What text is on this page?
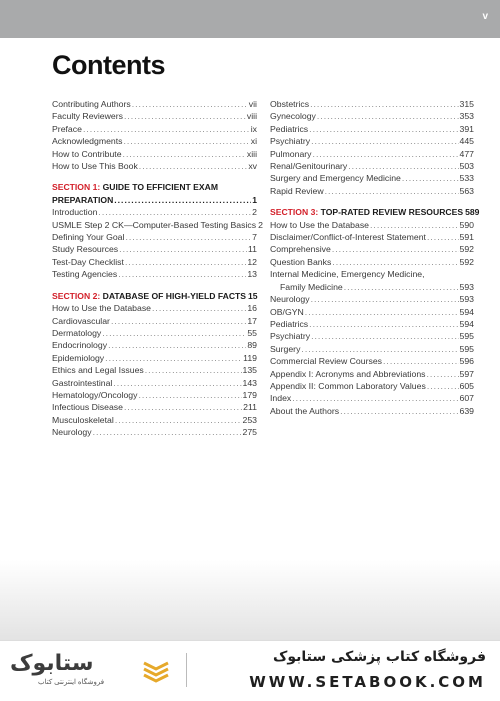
v
Contents
Contributing Authors .....	vii
Faculty Reviewers .....	viii
Preface .....	ix
Acknowledgments .....	xi
How to Contribute .....	xiii
How to Use This Book .....	xv
SECTION 1: GUIDE TO EFFICIENT EXAM
PREPARATION .....	1
Introduction .....	2
USMLE Step 2 CK—Computer-Based Testing Basics 2
Defining Your Goal .....	7
Study Resources .....	11
Test-Day Checklist .....	12
Testing Agencies .....	13
SECTION 2: DATABASE OF HIGH-YIELD FACTS 15
How to Use the Database .....	16
Cardiovascular .....	17
Dermatology .....	55
Endocrinology .....	89
Epidemiology .....	119
Ethics and Legal Issues .....	135
Gastrointestinal .....	143
Hematology/Oncology .....	179
Infectious Disease .....	211
Musculoskeletal .....	253
Neurology .....	275
Obstetrics .....	315
Gynecology .....	353
Pediatrics .....	391
Psychiatry .....	445
Pulmonary .....	477
Renal/Genitourinary .....	503
Surgery and Emergency Medicine .....	533
Rapid Review .....	563
SECTION 3: TOP-RATED REVIEW RESOURCES 589
How to Use the Database .....	590
Disclaimer/Conflict-of-Interest Statement .....	591
Comprehensive .....	592
Question Banks .....	592
Internal Medicine, Emergency Medicine,
Family Medicine .....	593
Neurology .....	593
OB/GYN .....	594
Pediatrics .....	594
Psychiatry .....	595
Surgery .....	595
Commercial Review Courses .....	596
Appendix I: Acronyms and Abbreviations .....	597
Appendix II: Common Laboratory Values .....	605
Index .....	607
About the Authors .....	639
ستابوک
فروشگاه اینترنتی کتاب
فروشگاه کتاب پزشکی ستابوک
WWW.SETABOOK.COM
